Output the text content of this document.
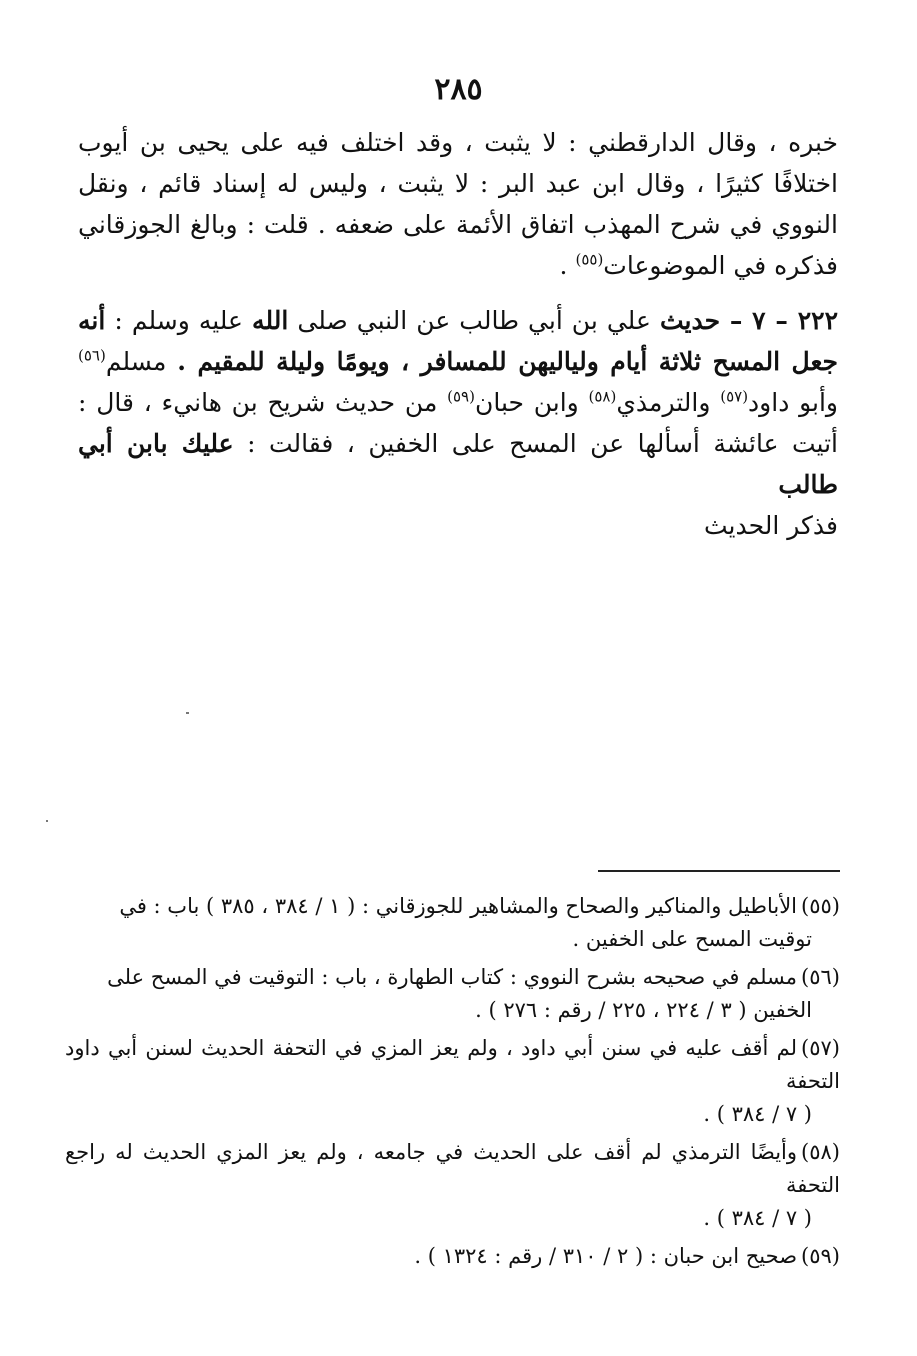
٢٨٥

خبره ، وقال الدارقطني : لا يثبت ، وقد اختلف فيه على يحيى بن أيوب اختلافًا كثيرًا ، وقال ابن عبد البر : لا يثبت ، وليس له إسناد قائم ، ونقل النووي في شرح المهذب اتفاق الأئمة على ضعفه . قلت : وبالغ الجوزقاني فذكره في الموضوعات$^{(٥٥)}$ .

٢٢٢ – ٧ – حديث علي بن أبي طالب عن النبي صلى الله عليه وسلم : أنه جعل المسح ثلاثة أيام ولياليهن للمسافر ، ويومًا وليلة للمقيم . مسلم$^{(٥٦)}$ وأبو داود$^{(٥٧)}$ والترمذي$^{(٥٨)}$ وابن حبان$^{(٥٩)}$ من حديث شريح بن هانيء ، قال : أتيت عائشة أسألها عن المسح على الخفين ، فقالت : عليك بابن أبي طالب
فذكر الحديث

(٥٥)الأباطيل والمناكير والصحاح والمشاهير للجوزقاني : ( ١ / ٣٨٤ ، ٣٨٥ ) باب : في
توقيت المسح على الخفين .
(٥٦)مسلم في صحيحه بشرح النووي : كتاب الطهارة ، باب : التوقيت في المسح على
الخفين ( ٣ / ٢٢٤ ، ٢٢٥ / رقم : ٢٧٦ ) .
(٥٧)لم أقف عليه في سنن أبي داود ، ولم يعز المزي في التحفة الحديث لسنن أبي داود التحفة
( ٧ / ٣٨٤ ) .
(٥٨)وأيضًا الترمذي لم أقف على الحديث في جامعه ، ولم يعز المزي الحديث له راجع التحفة
( ٧ / ٣٨٤ ) .
(٥٩)صحيح ابن حبان : ( ٢ / ٣١٠ / رقم : ١٣٢٤ ) .
